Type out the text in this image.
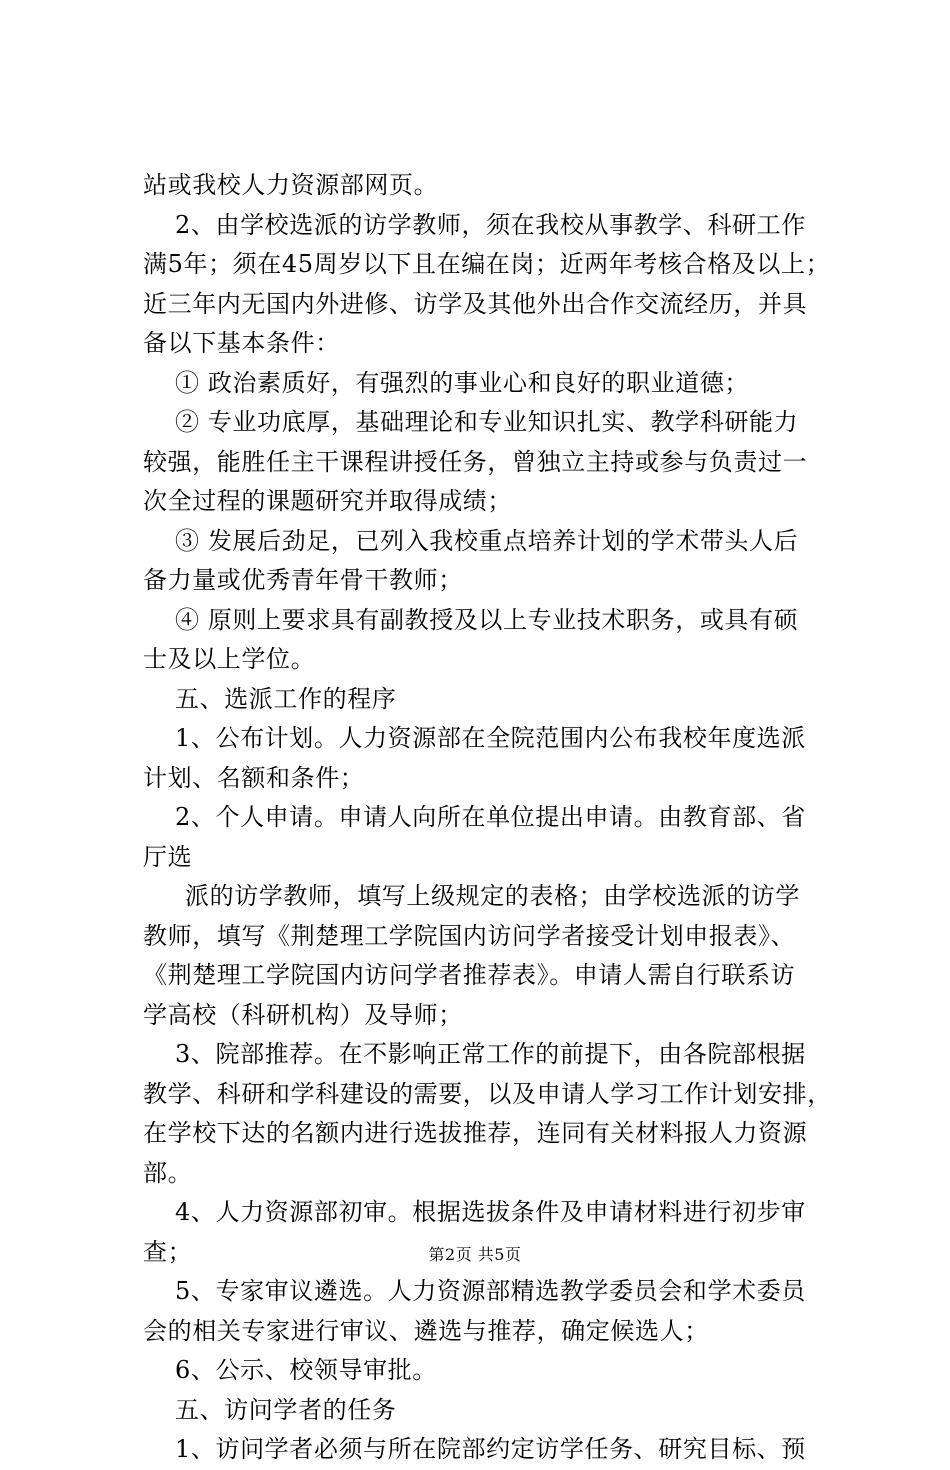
站或我校人力资源部网页。
2、由学校选派的访学教师，须在我校从事教学、科研工作
满5年；须在45周岁以下且在编在岗；近两年考核合格及以上；
近三年内无国内外进修、访学及其他外出合作交流经历，并具
备以下基本条件：
① 政治素质好，有强烈的事业心和良好的职业道德；
② 专业功底厚，基础理论和专业知识扎实、教学科研能力
较强，能胜任主干课程讲授任务，曾独立主持或参与负责过一
次全过程的课题研究并取得成绩；
③ 发展后劲足，已列入我校重点培养计划的学术带头人后
备力量或优秀青年骨干教师；
④ 原则上要求具有副教授及以上专业技术职务，或具有硕
士及以上学位。
五、选派工作的程序
1、公布计划。人力资源部在全院范围内公布我校年度选派
计划、名额和条件；
2、个人申请。申请人向所在单位提出申请。由教育部、省
厅选
派的访学教师，填写上级规定的表格；由学校选派的访学
教师，填写《荆楚理工学院国内访问学者接受计划申报表》、
《荆楚理工学院国内访问学者推荐表》。申请人需自行联系访
学高校（科研机构）及导师；
3、院部推荐。在不影响正常工作的前提下，由各院部根据
教学、科研和学科建设的需要，以及申请人学习工作计划安排，
在学校下达的名额内进行选拔推荐，连同有关材料报人力资源
部。
4、人力资源部初审。根据选拔条件及申请材料进行初步审
查；
5、专家审议遴选。人力资源部精选教学委员会和学术委员
会的相关专家进行审议、遴选与推荐，确定候选人；
6、公示、校领导审批。
五、访问学者的任务
1、访问学者必须与所在院部约定访学任务、研究目标、预
第2页 共5页
